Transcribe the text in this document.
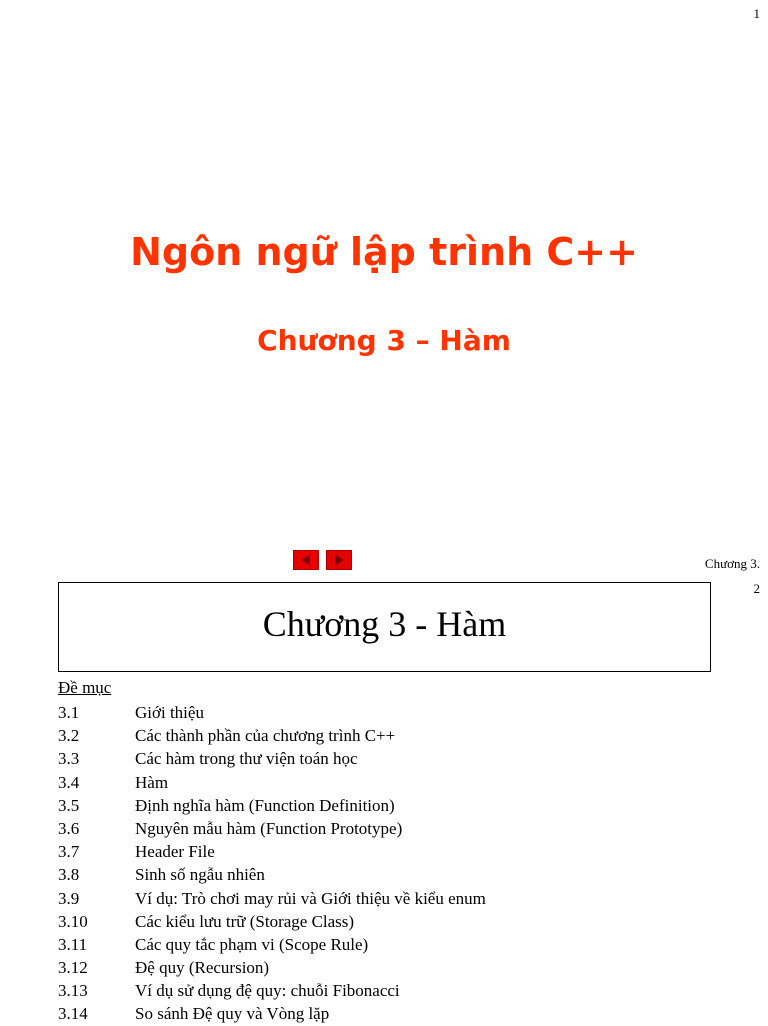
1
Ngôn ngữ lập trình C++
Chương 3 – Hàm
Chương 3.
2
Chương 3 - Hàm
Đề mục
3.1	Giới thiệu
3.2	Các thành phần của chương trình C++
3.3	Các hàm trong thư viện toán học
3.4	Hàm
3.5	Định nghĩa hàm (Function Definition)
3.6	Nguyên mẫu hàm (Function Prototype)
3.7	Header File
3.8	Sinh số ngẫu nhiên
3.9	Ví dụ: Trò chơi may rủi và Giới thiệu về kiểu enum
3.10	Các kiểu lưu trữ (Storage Class)
3.11	Các quy tắc phạm vi (Scope Rule)
3.12	Đệ quy (Recursion)
3.13	Ví dụ sử dụng đệ quy: chuỗi Fibonacci
3.14	So sánh Đệ quy và Vòng lặp
